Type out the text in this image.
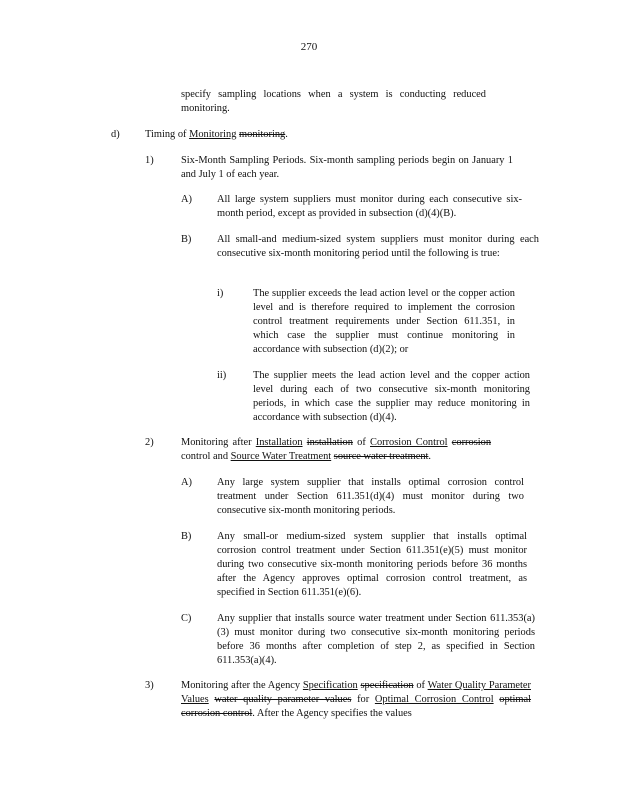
270

specify sampling locations when a system is conducting reduced monitoring.

d) Timing of Monitoring monitoring.

1)	Six-Month Sampling Periods. Six-month sampling periods begin on January 1 and July 1 of each year.

A) All large system suppliers must monitor during each consecutive six-month period, except as provided in subsection (d)(4)(B).

B) All small-and medium-sized system suppliers must monitor during each consecutive six-month monitoring period until the following is true:

i)	The supplier exceeds the lead action level or the copper action level and is therefore required to implement the corrosion control treatment requirements under Section 611.351, in which case the supplier must continue monitoring in accordance with subsection (d)(2); or

ii)	The supplier meets the lead action level and the copper action level during each of two consecutive six-month monitoring periods, in which case the supplier may reduce monitoring in accordance with subsection (d)(4).

2)	Monitoring after Installation installation of Corrosion Control corrosion control and Source Water Treatment source water treatment.

A) Any large system supplier that installs optimal corrosion control treatment under Section 611.351(d)(4) must monitor during two consecutive six-month monitoring periods.

B) Any small-or medium-sized system supplier that installs optimal corrosion control treatment under Section 611.351(e)(5) must monitor during two consecutive six-month monitoring periods before 36 months after the Agency approves optimal corrosion control treatment, as specified in Section 611.351(e)(6).

C) Any supplier that installs source water treatment under Section 611.353(a)(3) must monitor during two consecutive six-month monitoring periods before 36 months after completion of step 2, as specified in Section 611.353(a)(4).

3)	Monitoring after the Agency Specification specification of Water Quality Parameter Values water quality parameter values for Optimal Corrosion Control optimal corrosion control. After the Agency specifies the values
